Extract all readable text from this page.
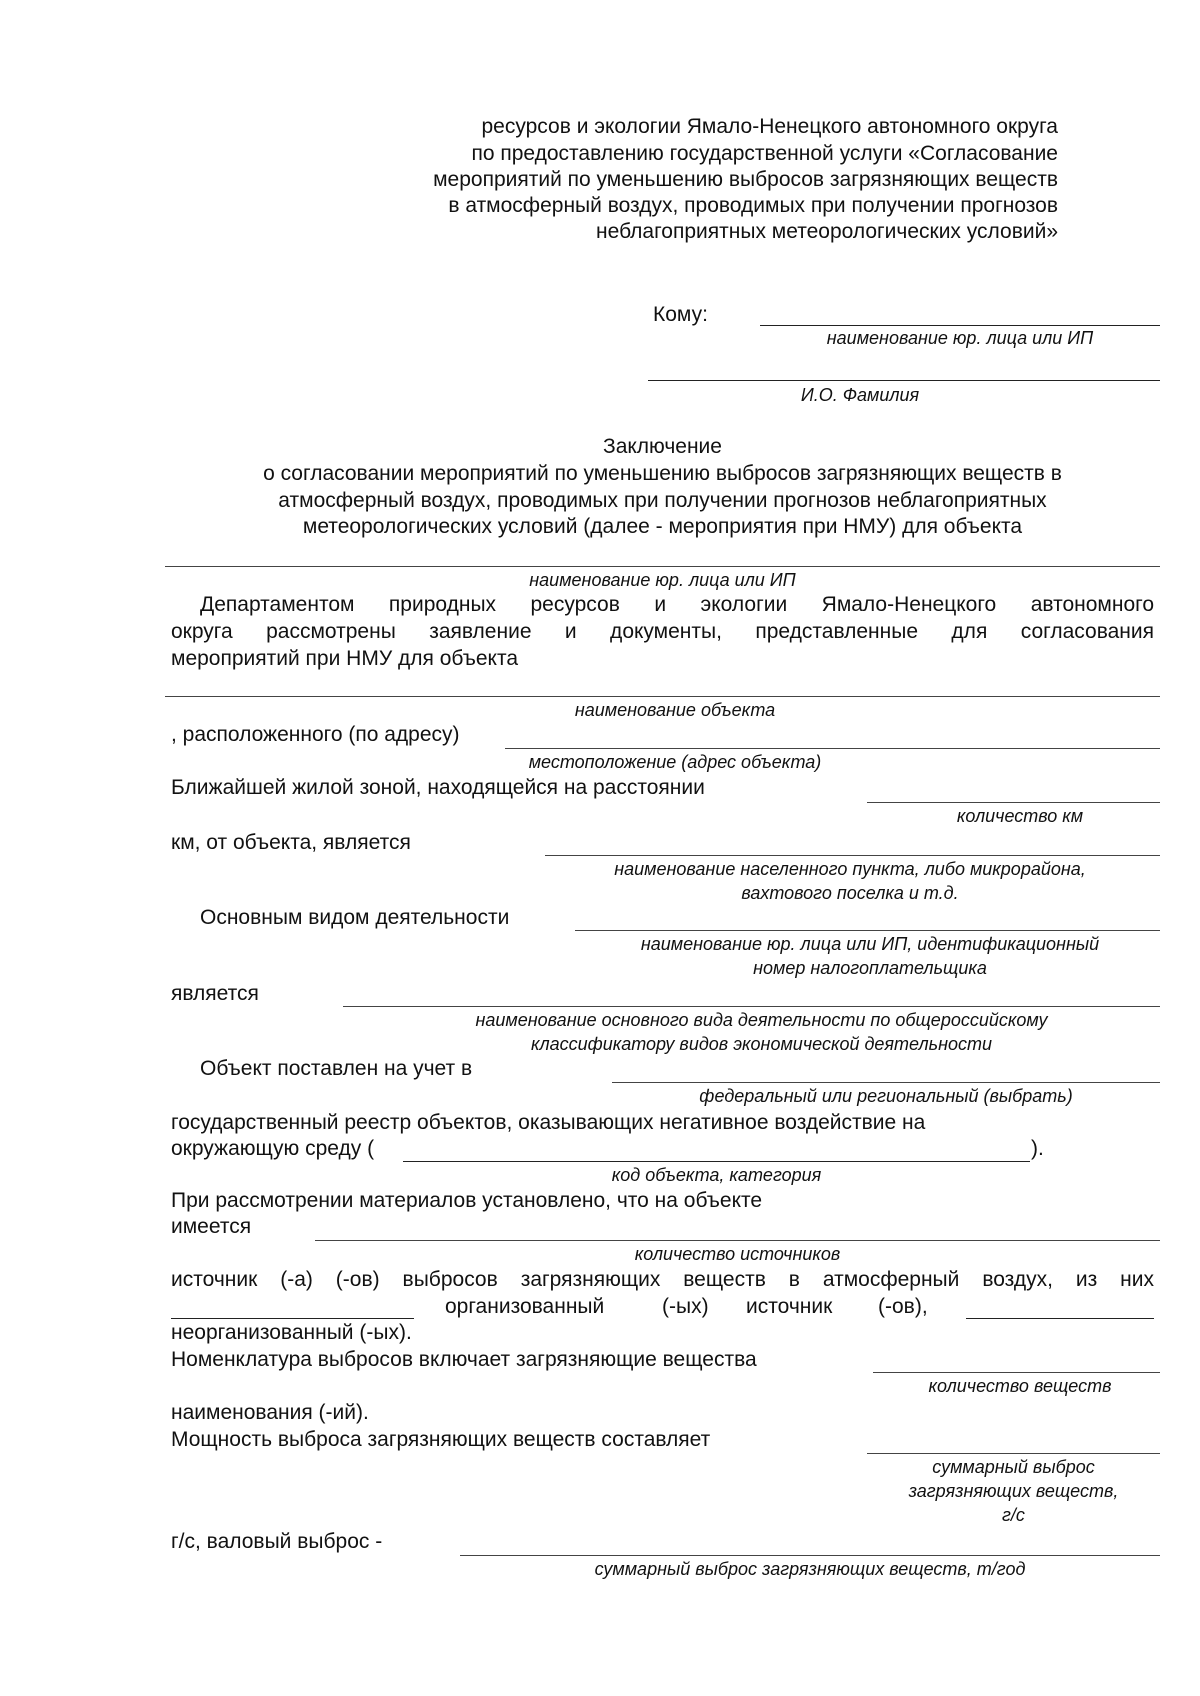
ресурсов и экологии Ямало-Ненецкого автономного округа

по предоставлению государственной услуги «Согласование

мероприятий по уменьшению выбросов загрязняющих веществ

в атмосферный воздух, проводимых при получении прогнозов

неблагоприятных метеорологических условий»

Кому:

наименование юр. лица или ИП
И.О. Фамилия

Заключение

о согласовании мероприятий по уменьшению выбросов загрязняющих веществ в

атмосферный воздух, проводимых при получении прогнозов неблагоприятных

метеорологических условий (далее - мероприятия при НМУ) для объекта

наименование юр. лица или ИП
Департаментом природных ресурсов и экологии Ямало-Ненецкого автономного
округа рассмотрены заявление и документы, представленные для согласования

мероприятий при НМУ для объекта

наименование объекта

, расположенного (по адресу)

местоположение (адрес объекта)

Ближайшей жилой зоной, находящейся на расстоянии

количество км

км, от объекта, является

наименование населенного пункта, либо микрорайона,
вахтового поселка и т.д.

Основным видом деятельности

наименование юр. лица или ИП, идентификационный
номер налогоплательщика

является

наименование основного вида деятельности по общероссийскому
классификатору видов экономической деятельности

Объект поставлен на учет в

федеральный или региональный (выбрать)

государственный реестр объектов, оказывающих негативное воздействие на

окружающую среду (	).

код объекта, категория

При рассмотрении материалов установлено, что на объекте

имеется

количество источников
источник (-а) (-ов) выбросов загрязняющих веществ в атмосферный воздух, из них
организованный	(-ых) источник (-ов),

неорганизованный (-ых).

Номенклатура выбросов включает загрязняющие вещества

количество веществ

наименования (-ий).

Мощность выброса загрязняющих веществ составляет

суммарный выброс
загрязняющих веществ,
г/с

г/с, валовый выброс -

суммарный выброс загрязняющих веществ, т/год
